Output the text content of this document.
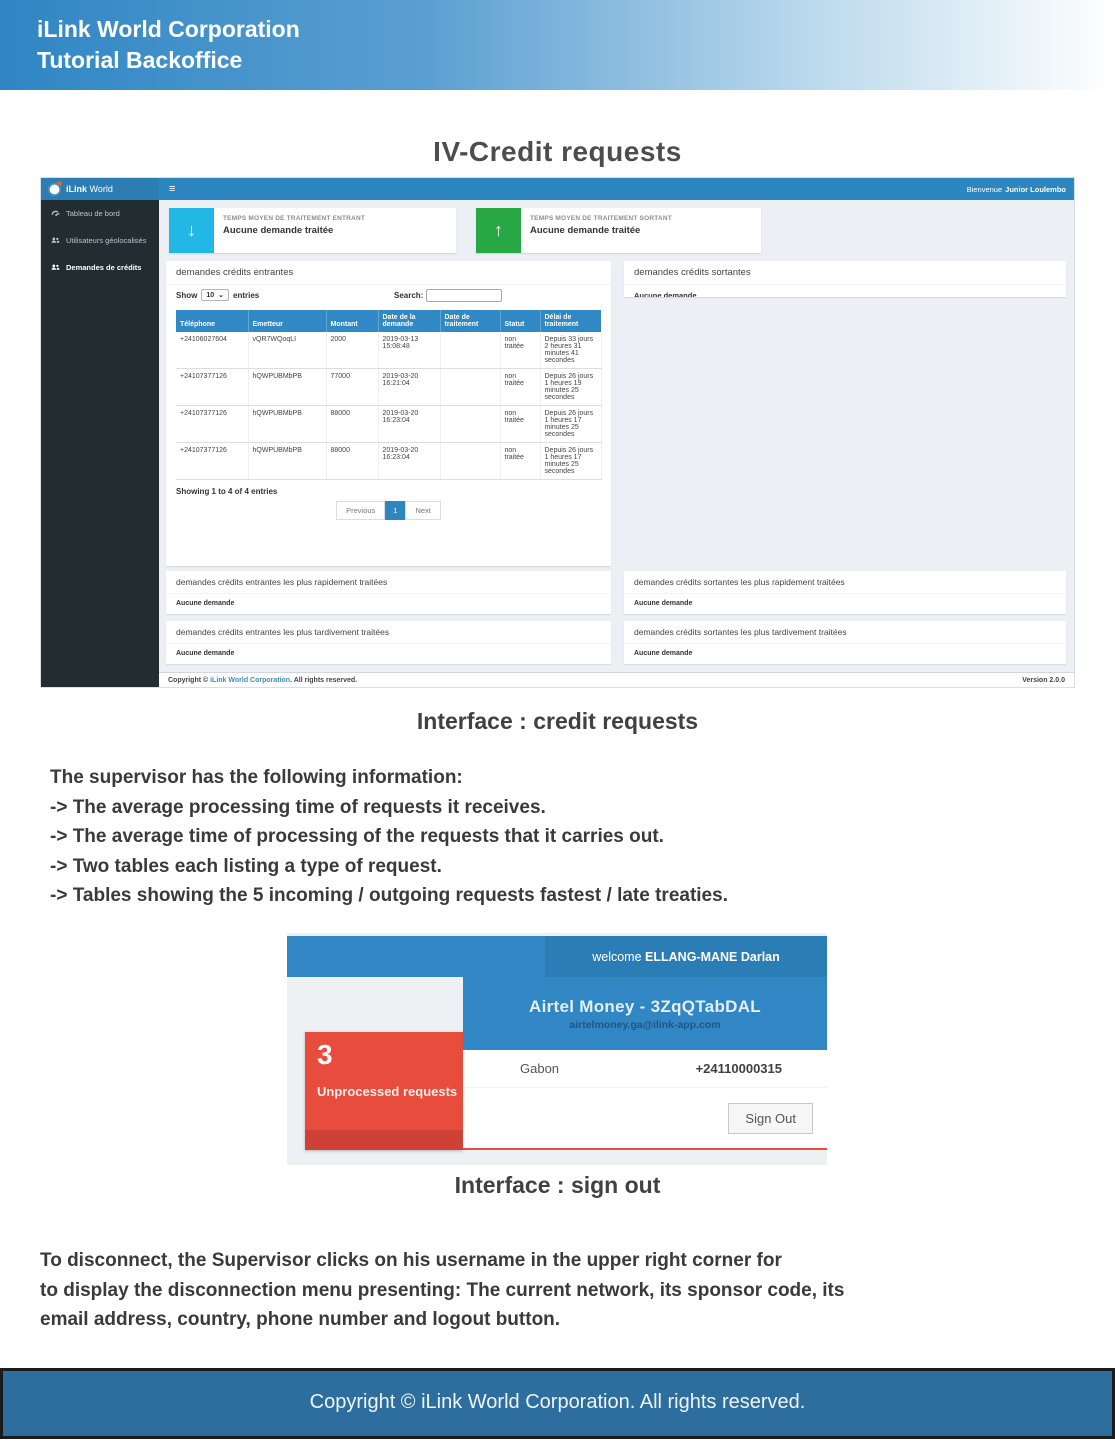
iLink World Corporation
Tutorial Backoffice
IV-Credit requests
iLink World	≡	Bienvenue Junior Loulembo
Tableau de bord
Utilisateurs géolocalisés
Demandes de crédits
↓
TEMPS MOYEN DE TRAITEMENT ENTRANT
Aucune demande traitée	↑
TEMPS MOYEN DE TRAITEMENT SORTANT
Aucune demande traitée
demandes crédits entrantes
Show 10 ⌄ entries	Search:
Téléphone	Emetteur	Montant	Date de la demande	Date de traitement	Statut	Délai de traitement
+24106027604	vQR7WQoqLI	2000	2019-03-13 15:08:48		non traitée	Depuis 33 jours 2 heures 31 minutes 41 secondes
+24107377126	hQWPUBMbPB	77000	2019-03-20 16:21:04		non traitée	Depuis 26 jours 1 heures 19 minutes 25 secondes
+24107377126	hQWPUBMbPB	88000	2019-03-20 16:23:04		non traitée	Depuis 26 jours 1 heures 17 minutes 25 secondes
+24107377126	hQWPUBMbPB	88000	2019-03-20 16:23:04		non traitée	Depuis 26 jours 1 heures 17 minutes 25 secondes
Showing 1 to 4 of 4 entries
Previous	1	Next
demandes crédits sortantes
Aucune demande
demandes crédits entrantes les plus rapidement traitées
Aucune demande
demandes crédits sortantes les plus rapidement traitées
Aucune demande
demandes crédits entrantes les plus tardivement traitées
Aucune demande
demandes crédits sortantes les plus tardivement traitées
Aucune demande
Copyright © iLink World Corporation. All rights reserved.	Version 2.0.0
Interface : credit requests
The supervisor has the following information:
-> The average processing time of requests it receives.
-> The average time of processing of the requests that it carries out.
-> Two tables each listing a type of request.
-> Tables showing the 5 incoming / outgoing requests fastest / late treaties.
welcome
ELLANG-MANE Darlan
3
Unprocessed requests
Airtel Money - 3ZqQTabDAL
airtelmoney.ga@ilink-app.com
Gabon	+24110000315
Sign Out
Interface : sign out
To disconnect, the Supervisor clicks on his username in the upper right corner for
to display the disconnection menu presenting: The current network, its sponsor code, its
email address, country, phone number and logout button.
Copyright © iLink World Corporation. All rights reserved.
